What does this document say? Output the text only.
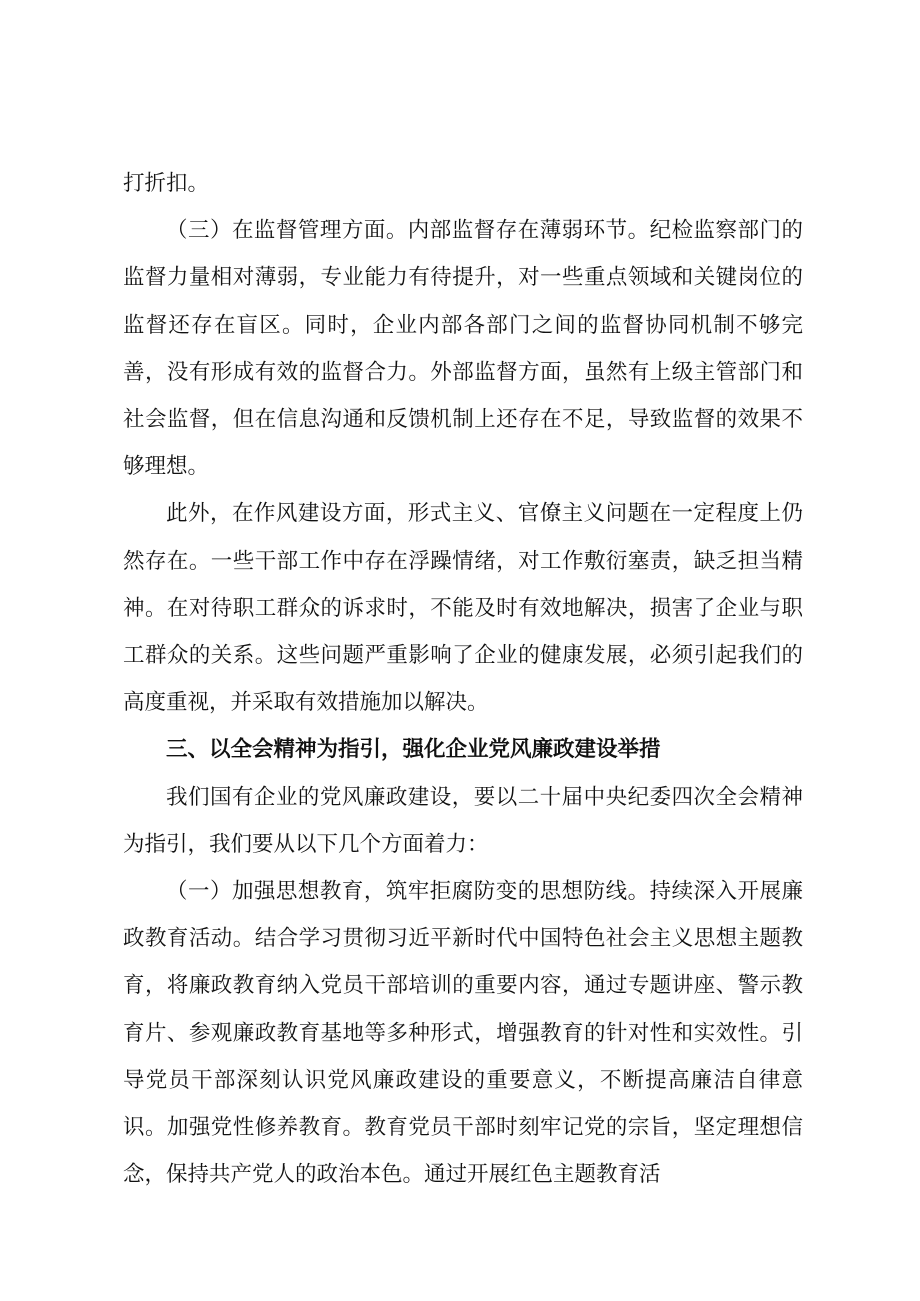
打折扣。

（三）在监督管理方面。内部监督存在薄弱环节。纪检监察部门的监督力量相对薄弱，专业能力有待提升，对一些重点领域和关键岗位的监督还存在盲区。同时，企业内部各部门之间的监督协同机制不够完善，没有形成有效的监督合力。外部监督方面，虽然有上级主管部门和社会监督，但在信息沟通和反馈机制上还存在不足，导致监督的效果不够理想。

此外，在作风建设方面，形式主义、官僚主义问题在一定程度上仍然存在。一些干部工作中存在浮躁情绪，对工作敷衍塞责，缺乏担当精神。在对待职工群众的诉求时，不能及时有效地解决，损害了企业与职工群众的关系。这些问题严重影响了企业的健康发展，必须引起我们的高度重视，并采取有效措施加以解决。

三、以全会精神为指引，强化企业党风廉政建设举措

我们国有企业的党风廉政建设，要以二十届中央纪委四次全会精神为指引，我们要从以下几个方面着力：

（一）加强思想教育，筑牢拒腐防变的思想防线。持续深入开展廉政教育活动。结合学习贯彻习近平新时代中国特色社会主义思想主题教育，将廉政教育纳入党员干部培训的重要内容，通过专题讲座、警示教育片、参观廉政教育基地等多种形式，增强教育的针对性和实效性。引导党员干部深刻认识党风廉政建设的重要意义，不断提高廉洁自律意识。加强党性修养教育。教育党员干部时刻牢记党的宗旨，坚定理想信念，保持共产党人的政治本色。通过开展红色主题教育活
